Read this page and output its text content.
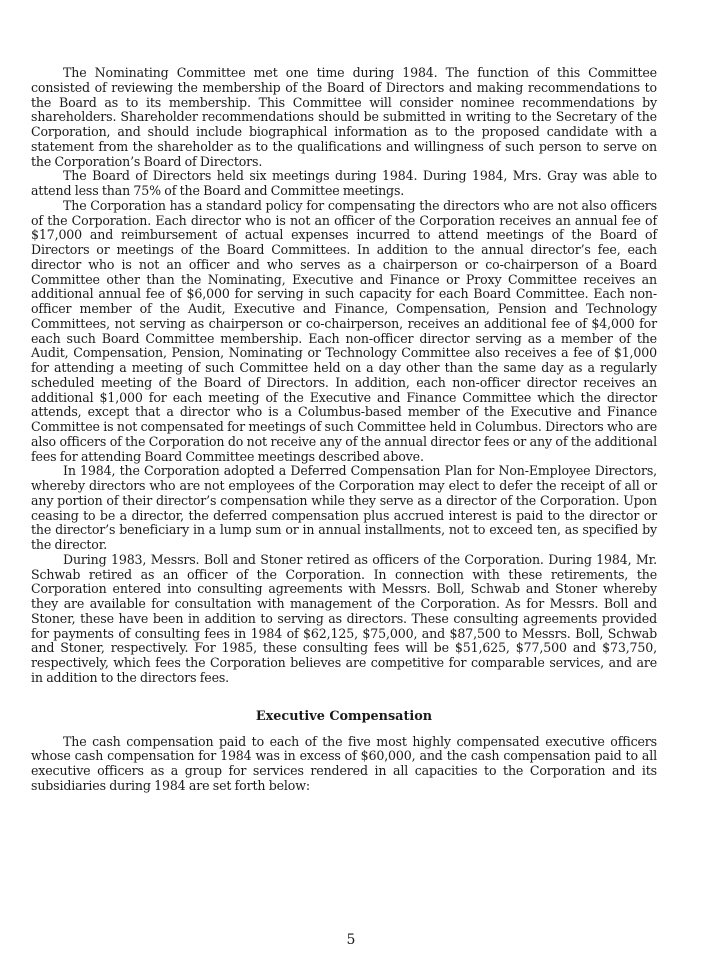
The Nominating Committee met one time during 1984. The function of this Committee consisted of reviewing the membership of the Board of Directors and making recommendations to the Board as to its membership. This Committee will consider nominee recommendations by shareholders. Shareholder recommendations should be submitted in writing to the Secretary of the Corporation, and should include biographical information as to the proposed candidate with a statement from the shareholder as to the qualifications and willingness of such person to serve on the Corporation’s Board of Directors.

The Board of Directors held six meetings during 1984. During 1984, Mrs. Gray was able to attend less than 75% of the Board and Committee meetings.

The Corporation has a standard policy for compensating the directors who are not also officers of the Corporation. Each director who is not an officer of the Corporation receives an annual fee of $17,000 and reimbursement of actual expenses incurred to attend meetings of the Board of Directors or meetings of the Board Committees. In addition to the annual director’s fee, each director who is not an officer and who serves as a chairperson or co-chairperson of a Board Committee other than the Nominating, Executive and Finance or Proxy Committee receives an additional annual fee of $6,000 for serving in such capacity for each Board Committee. Each non-officer member of the Audit, Executive and Finance, Compensation, Pension and Technology Committees, not serving as chairperson or co-chairperson, receives an additional fee of $4,000 for each such Board Committee membership. Each non-officer director serving as a member of the Audit, Compensation, Pension, Nominating or Technology Committee also receives a fee of $1,000 for attending a meeting of such Committee held on a day other than the same day as a regularly scheduled meeting of the Board of Directors. In addition, each non-officer director receives an additional $1,000 for each meeting of the Executive and Finance Committee which the director attends, except that a director who is a Columbus-based member of the Executive and Finance Committee is not compensated for meetings of such Committee held in Columbus. Directors who are also officers of the Corporation do not receive any of the annual director fees or any of the additional fees for attending Board Committee meetings described above.

In 1984, the Corporation adopted a Deferred Compensation Plan for Non-Employee Directors, whereby directors who are not employees of the Corporation may elect to defer the receipt of all or any portion of their director’s compensation while they serve as a director of the Corporation. Upon ceasing to be a director, the deferred compensation plus accrued interest is paid to the director or the director’s beneficiary in a lump sum or in annual installments, not to exceed ten, as specified by the director.

During 1983, Messrs. Boll and Stoner retired as officers of the Corporation. During 1984, Mr. Schwab retired as an officer of the Corporation. In connection with these retirements, the Corporation entered into consulting agreements with Messrs. Boll, Schwab and Stoner whereby they are available for consultation with management of the Corporation. As for Messrs. Boll and Stoner, these have been in addition to serving as directors. These consulting agreements provided for payments of consulting fees in 1984 of $62,125, $75,000, and $87,500 to Messrs. Boll, Schwab and Stoner, respectively. For 1985, these consulting fees will be $51,625, $77,500 and $73,750, respectively, which fees the Corporation believes are competitive for comparable services, and are in addition to the directors fees.

Executive Compensation

The cash compensation paid to each of the five most highly compensated executive officers whose cash compensation for 1984 was in excess of $60,000, and the cash compensation paid to all executive officers as a group for services rendered in all capacities to the Corporation and its subsidiaries during 1984 are set forth below:

5
